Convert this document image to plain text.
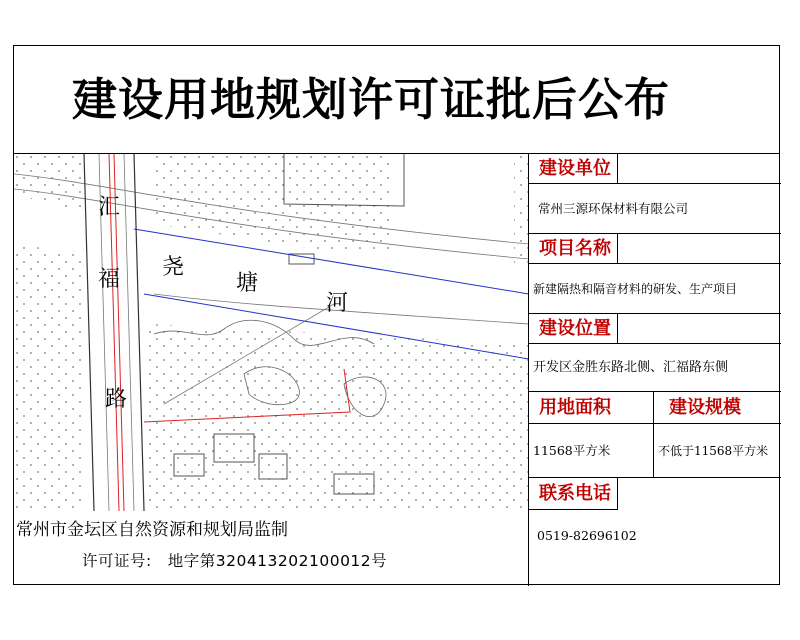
建设用地规划许可证批后公布
汇
福
路
尧
塘
河
建设单位
常州三源环保材料有限公司
项目名称
新建隔热和隔音材料的研发、生产项目
建设位置
开发区金胜东路北侧、汇福路东侧
用地面积	建设规模
11568平方米	不低于11568平方米
联系电话
0519-82696102
常州市金坛区自然资源和规划局监制
许可证号: 地字第320413202100012号
